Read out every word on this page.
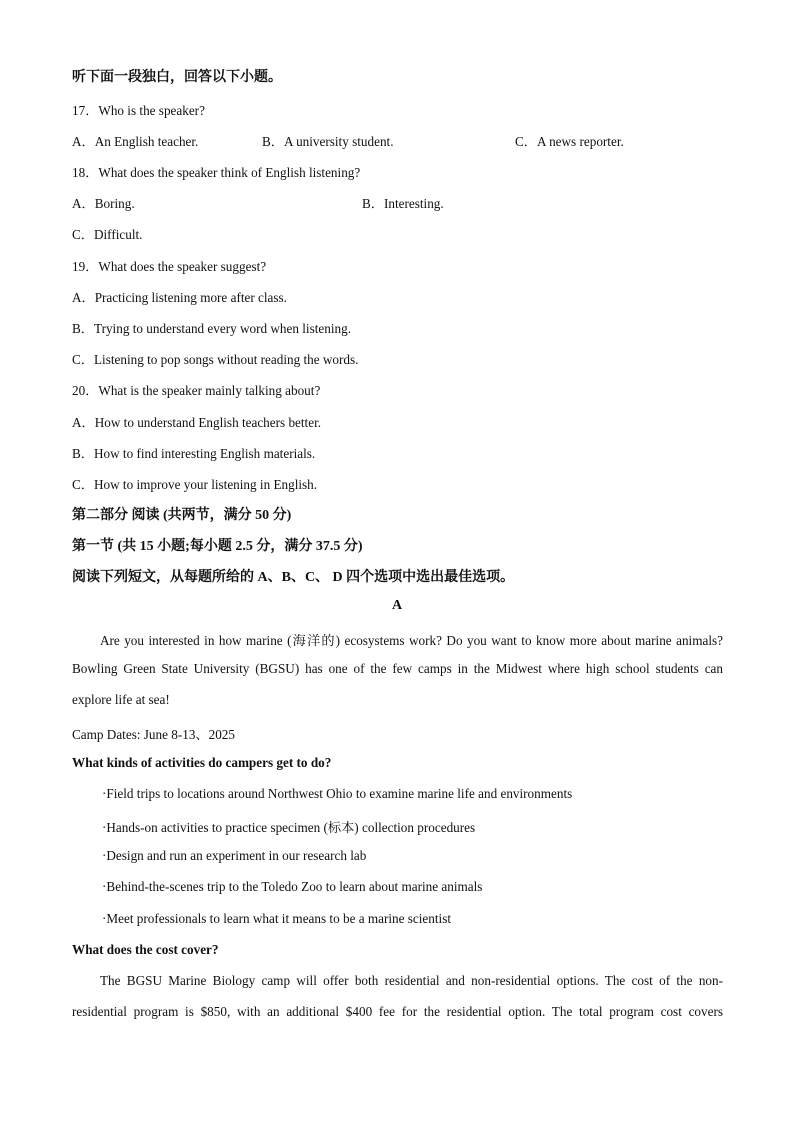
听下面一段独白，回答以下小题。
17．Who is the speaker?
A．An English teacher.	B．A university student.	C．A news reporter.
18．What does the speaker think of English listening?
A．Boring.	B．Interesting.
C．Difficult.
19．What does the speaker suggest?
A．Practicing listening more after class.
B．Trying to understand every word when listening.
C．Listening to pop songs without reading the words.
20．What is the speaker mainly talking about?
A．How to understand English teachers better.
B．How to find interesting English materials.
C．How to improve your listening in English.
第二部分 阅读 (共两节，满分 50 分)
第一节 (共 15 小题;每小题 2.5 分，满分 37.5 分)
阅读下列短文，从每题所给的 A、B、C、 D 四个选项中选出最佳选项。
A
Are you interested in how marine (海洋的) ecosystems work? Do you want to know more about marine animals?
Bowling Green State University (BGSU) has one of the few camps in the Midwest where high school students can
explore life at sea!
Camp Dates: June 8-13、2025
What kinds of activities do campers get to do?
·Field trips to locations around Northwest Ohio to examine marine life and environments
·Hands-on activities to practice specimen (标本) collection procedures
·Design and run an experiment in our research lab
·Behind-the-scenes trip to the Toledo Zoo to learn about marine animals
·Meet professionals to learn what it means to be a marine scientist
What does the cost cover?
The BGSU Marine Biology camp will offer both residential and non-residential options. The cost of the non-
residential program is $850, with an additional $400 fee for the residential option. The total program cost covers
